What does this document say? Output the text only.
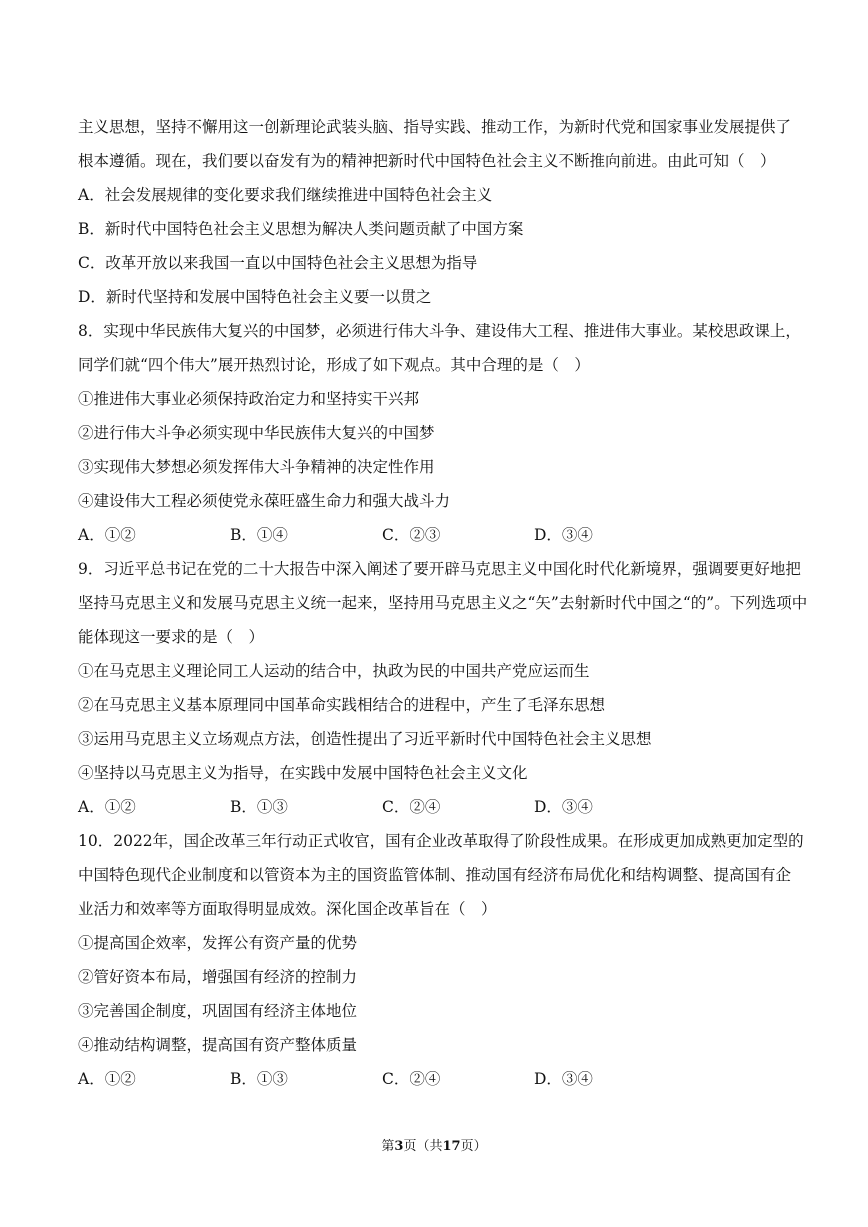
主义思想，坚持不懈用这一创新理论武装头脑、指导实践、推动工作，为新时代党和国家事业发展提供了
根本遵循。现在，我们要以奋发有为的精神把新时代中国特色社会主义不断推向前进。由此可知（　）
A．社会发展规律的变化要求我们继续推进中国特色社会主义
B．新时代中国特色社会主义思想为解决人类问题贡献了中国方案
C．改革开放以来我国一直以中国特色社会主义思想为指导
D．新时代坚持和发展中国特色社会主义要一以贯之
8．实现中华民族伟大复兴的中国梦，必须进行伟大斗争、建设伟大工程、推进伟大事业。某校思政课上，
同学们就“四个伟大”展开热烈讨论，形成了如下观点。其中合理的是（　）
①推进伟大事业必须保持政治定力和坚持实干兴邦
②进行伟大斗争必须实现中华民族伟大复兴的中国梦
③实现伟大梦想必须发挥伟大斗争精神的决定性作用
④建设伟大工程必须使党永葆旺盛生命力和强大战斗力
A．①②	B．①④	C．②③	D．③④
9．习近平总书记在党的二十大报告中深入阐述了要开辟马克思主义中国化时代化新境界，强调要更好地把
坚持马克思主义和发展马克思主义统一起来，坚持用马克思主义之“矢”去射新时代中国之“的”。下列选项中
能体现这一要求的是（　）
①在马克思主义理论同工人运动的结合中，执政为民的中国共产党应运而生
②在马克思主义基本原理同中国革命实践相结合的进程中，产生了毛泽东思想
③运用马克思主义立场观点方法，创造性提出了习近平新时代中国特色社会主义思想
④坚持以马克思主义为指导，在实践中发展中国特色社会主义文化
A．①②	B．①③	C．②④	D．③④
10．2022年，国企改革三年行动正式收官，国有企业改革取得了阶段性成果。在形成更加成熟更加定型的
中国特色现代企业制度和以管资本为主的国资监管体制、推动国有经济布局优化和结构调整、提高国有企
业活力和效率等方面取得明显成效。深化国企改革旨在（　）
①提高国企效率，发挥公有资产量的优势
②管好资本布局，增强国有经济的控制力
③完善国企制度，巩固国有经济主体地位
④推动结构调整，提高国有资产整体质量
A．①②	B．①③	C．②④	D．③④
第3页（共17页）
